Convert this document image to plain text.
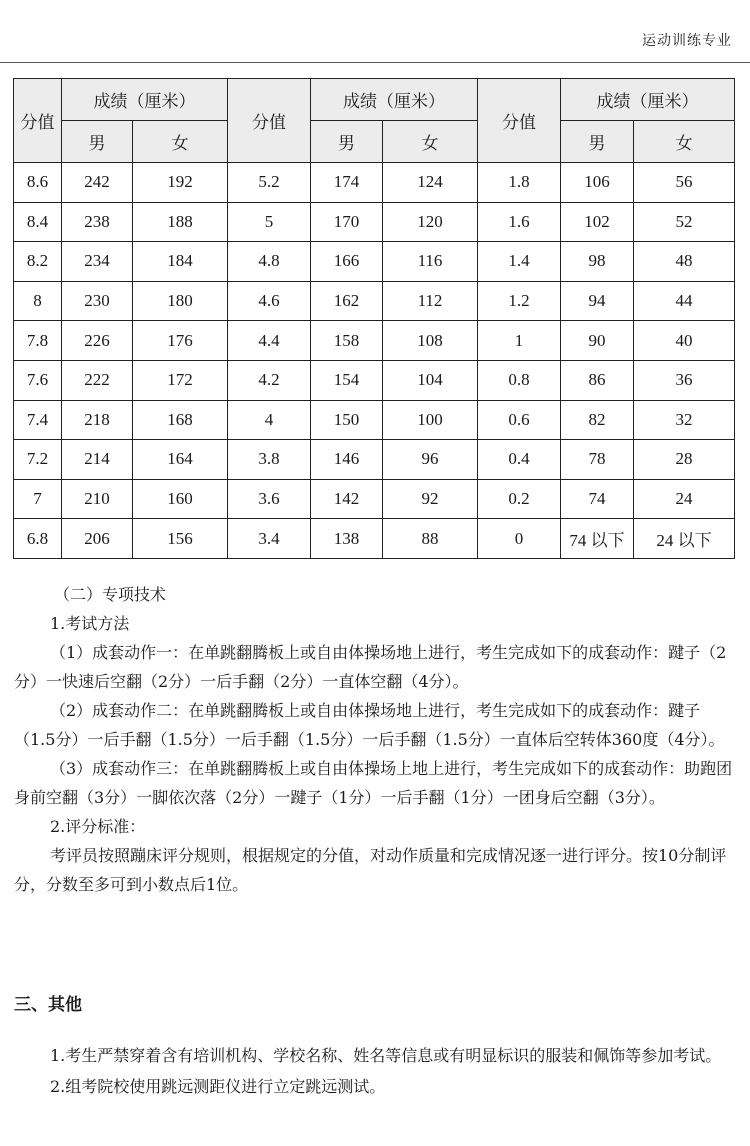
运动训练专业
分值	成绩（厘米）		分值	成绩（厘米）		分值	成绩（厘米）	
	男	女		男	女		男	女
8.6	242	192	5.2	174	124	1.8	106	56
8.4	238	188	5	170	120	1.6	102	52
8.2	234	184	4.8	166	116	1.4	98	48
8	230	180	4.6	162	112	1.2	94	44
7.8	226	176	4.4	158	108	1	90	40
7.6	222	172	4.2	154	104	0.8	86	36
7.4	218	168	4	150	100	0.6	82	32
7.2	214	164	3.8	146	96	0.4	78	28
7	210	160	3.6	142	92	0.2	74	24
6.8	206	156	3.4	138	88	0	74 以下	24 以下

（二）专项技术

1.考试方法

（1）成套动作一：在单跳翻腾板上或自由体操场地上进行，考生完成如下的成套动作：踺子（2分）一快速后空翻（2分）一后手翻（2分）一直体空翻（4分）。

（2）成套动作二：在单跳翻腾板上或自由体操场地上进行，考生完成如下的成套动作：踺子（1.5分）一后手翻（1.5分）一后手翻（1.5分）一后手翻（1.5分）一直体后空转体360度（4分）。

（3）成套动作三：在单跳翻腾板上或自由体操场上地上进行，考生完成如下的成套动作：助跑团身前空翻（3分）一脚依次落（2分）一踺子（1分）一后手翻（1分）一团身后空翻（3分）。

2.评分标准：

考评员按照蹦床评分规则，根据规定的分值，对动作质量和完成情况逐一进行评分。按10分制评分，分数至多可到小数点后1位。

三、其他

1.考生严禁穿着含有培训机构、学校名称、姓名等信息或有明显标识的服装和佩饰等参加考试。

2.组考院校使用跳远测距仪进行立定跳远测试。
